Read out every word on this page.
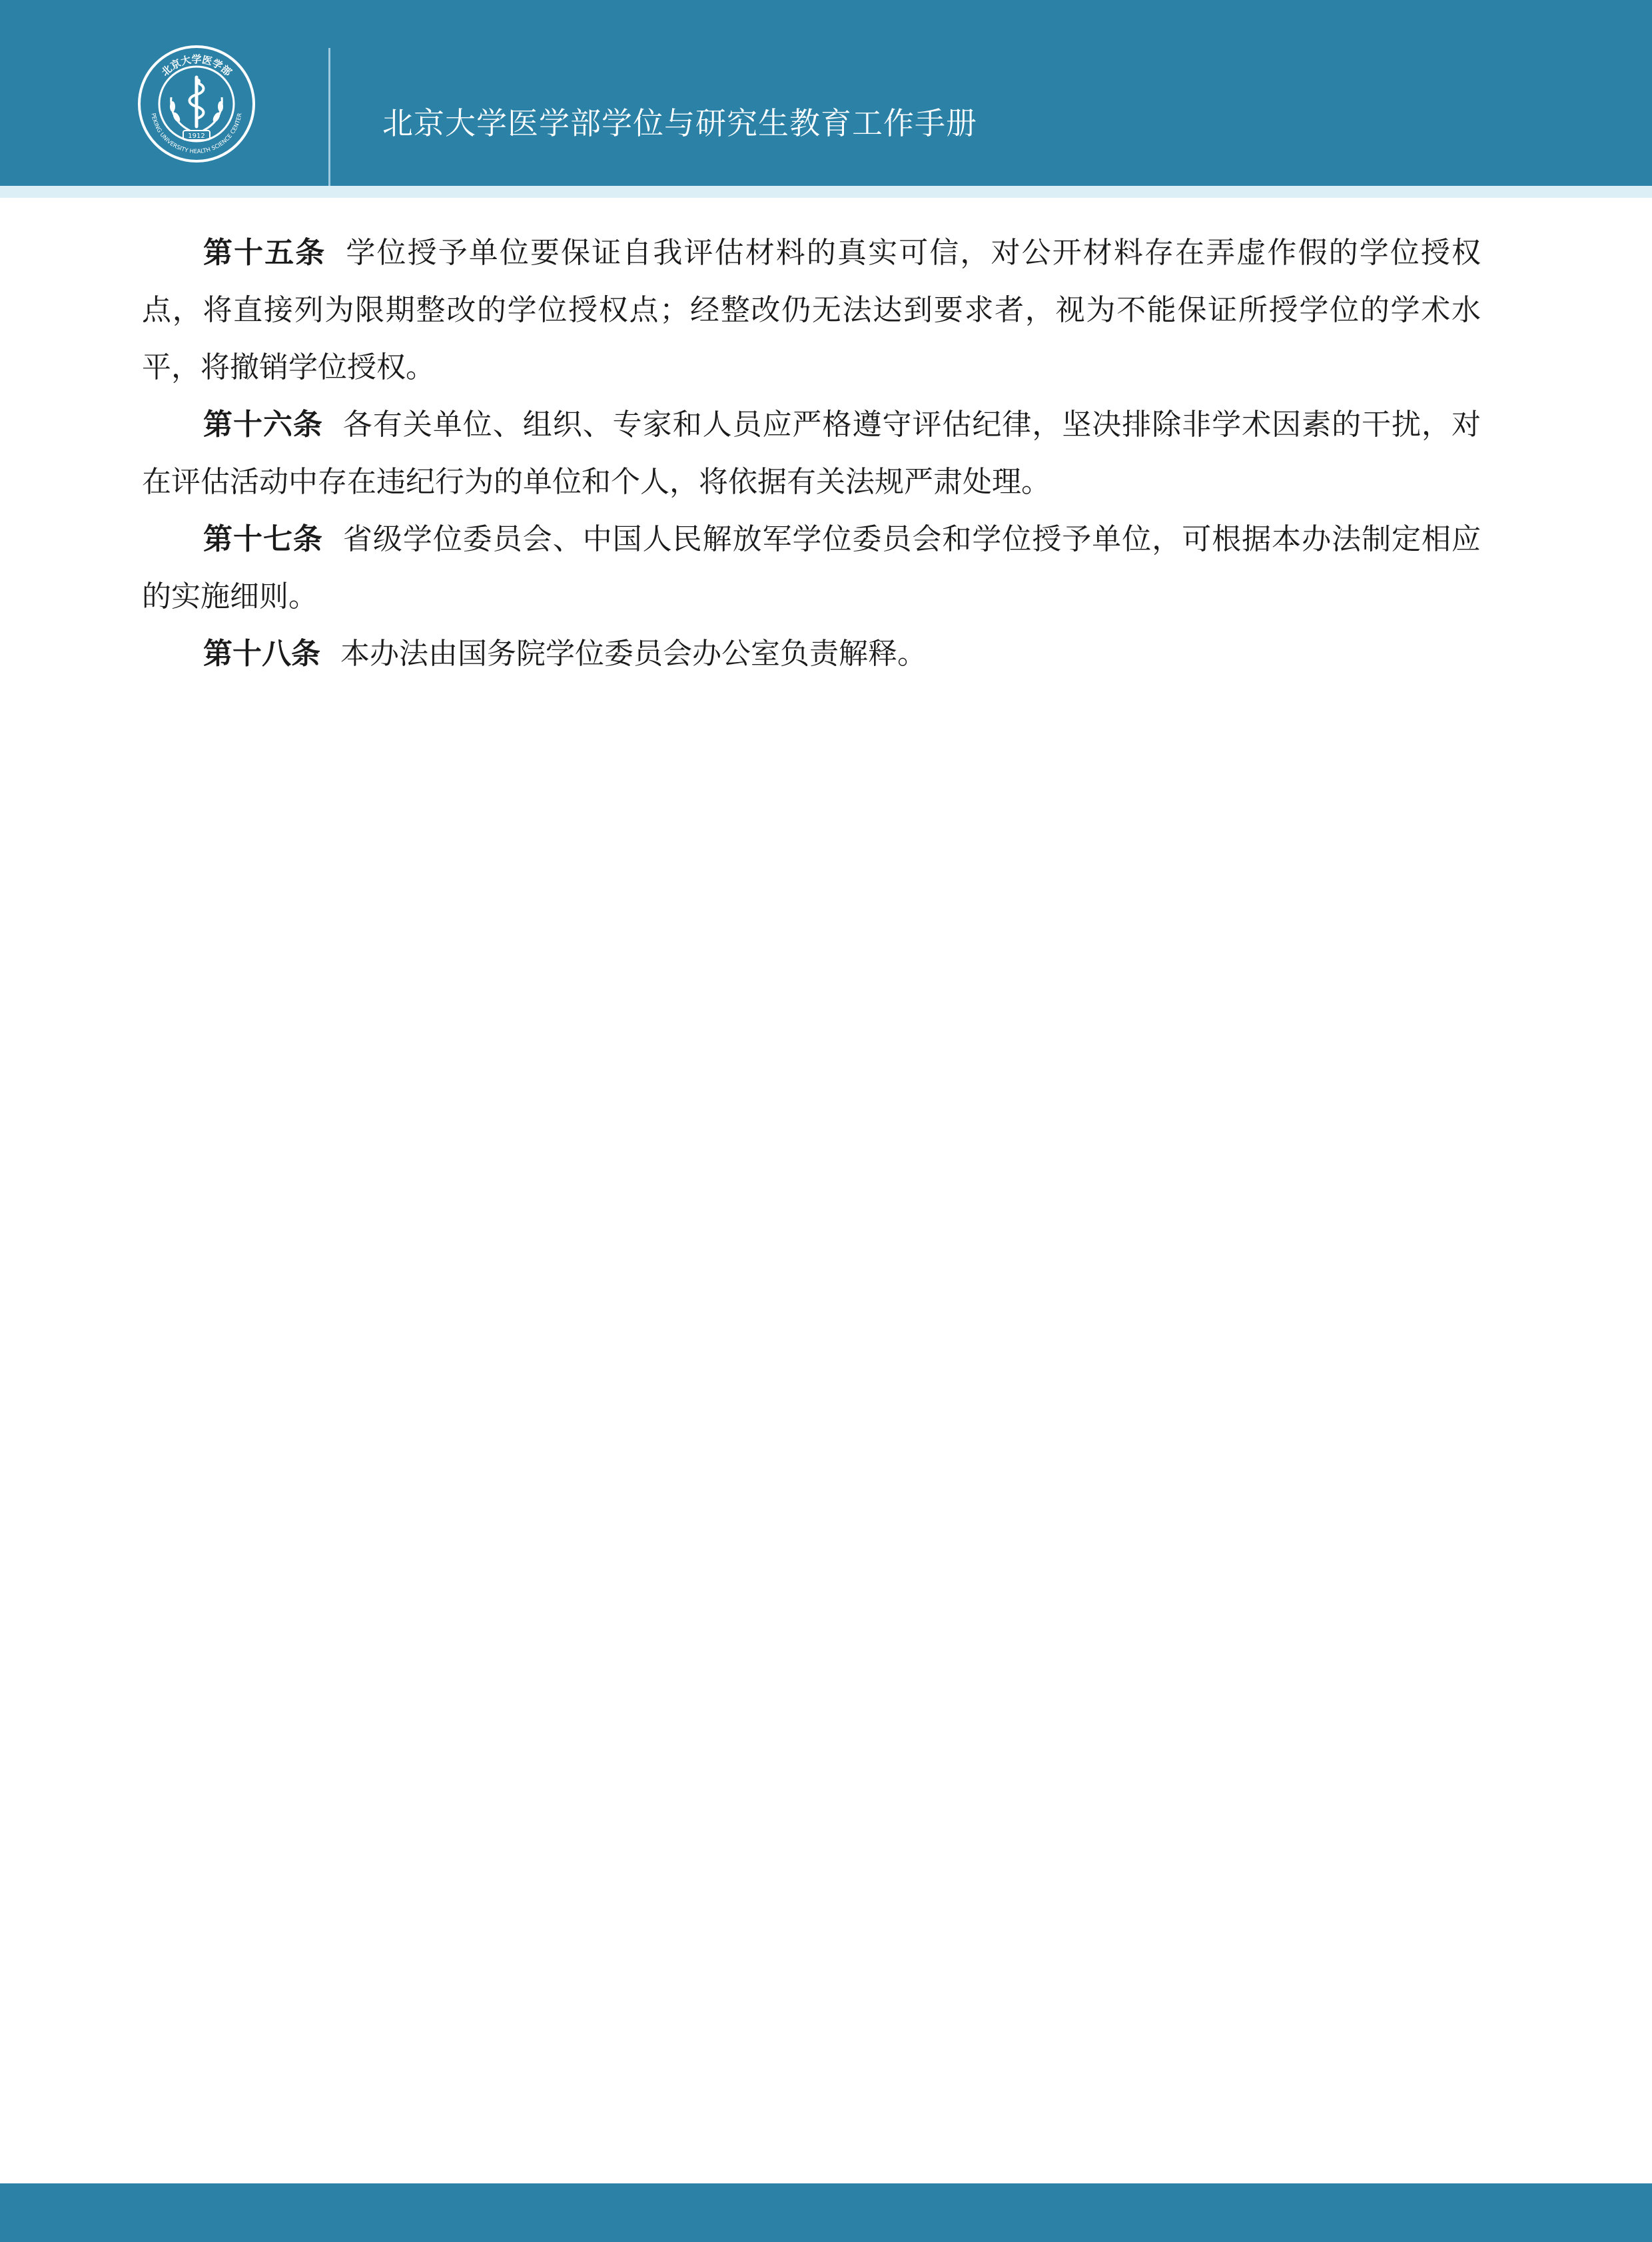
北京大学医学部
PEKING UNIVERSITY HEALTH SCIENCE CENTER
1912	北京大学医学部学位与研究生教育工作手册

第十五条 学位授予单位要保证自我评估材料的真实可信，对公开材料存在弄虚作假的学位授权点，将直接列为限期整改的学位授权点；经整改仍无法达到要求者，视为不能保证所授学位的学术水平，将撤销学位授权。

第十六条 各有关单位、组织、专家和人员应严格遵守评估纪律，坚决排除非学术因素的干扰，对在评估活动中存在违纪行为的单位和个人，将依据有关法规严肃处理。

第十七条 省级学位委员会、中国人民解放军学位委员会和学位授予单位，可根据本办法制定相应的实施细则。

第十八条 本办法由国务院学位委员会办公室负责解释。
